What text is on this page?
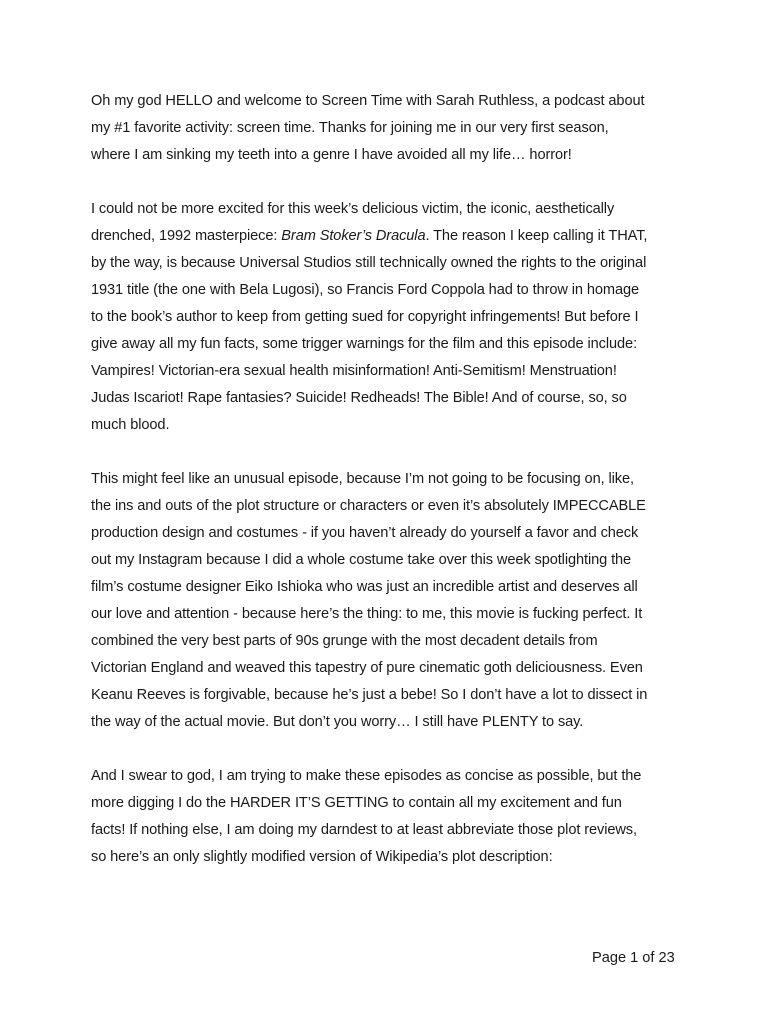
Oh my god HELLO and welcome to Screen Time with Sarah Ruthless, a podcast about
my #1 favorite activity: screen time. Thanks for joining me in our very first season,
where I am sinking my teeth into a genre I have avoided all my life… horror!

I could not be more excited for this week’s delicious victim, the iconic, aesthetically
drenched, 1992 masterpiece: Bram Stoker’s Dracula. The reason I keep calling it THAT,
by the way, is because Universal Studios still technically owned the rights to the original
1931 title (the one with Bela Lugosi), so Francis Ford Coppola had to throw in homage
to the book’s author to keep from getting sued for copyright infringements! But before I
give away all my fun facts, some trigger warnings for the film and this episode include:
Vampires! Victorian-era sexual health misinformation! Anti-Semitism! Menstruation!
Judas Iscariot! Rape fantasies? Suicide! Redheads! The Bible! And of course, so, so
much blood.

This might feel like an unusual episode, because I’m not going to be focusing on, like,
the ins and outs of the plot structure or characters or even it’s absolutely IMPECCABLE
production design and costumes - if you haven’t already do yourself a favor and check
out my Instagram because I did a whole costume take over this week spotlighting the
film’s costume designer Eiko Ishioka who was just an incredible artist and deserves all
our love and attention - because here’s the thing: to me, this movie is fucking perfect. It
combined the very best parts of 90s grunge with the most decadent details from
Victorian England and weaved this tapestry of pure cinematic goth deliciousness. Even
Keanu Reeves is forgivable, because he’s just a bebe! So I don’t have a lot to dissect in
the way of the actual movie. But don’t you worry… I still have PLENTY to say.

And I swear to god, I am trying to make these episodes as concise as possible, but the
more digging I do the HARDER IT’S GETTING to contain all my excitement and fun
facts! If nothing else, I am doing my darndest to at least abbreviate those plot reviews,
so here’s an only slightly modified version of Wikipedia’s plot description:

Page 1 of 23
